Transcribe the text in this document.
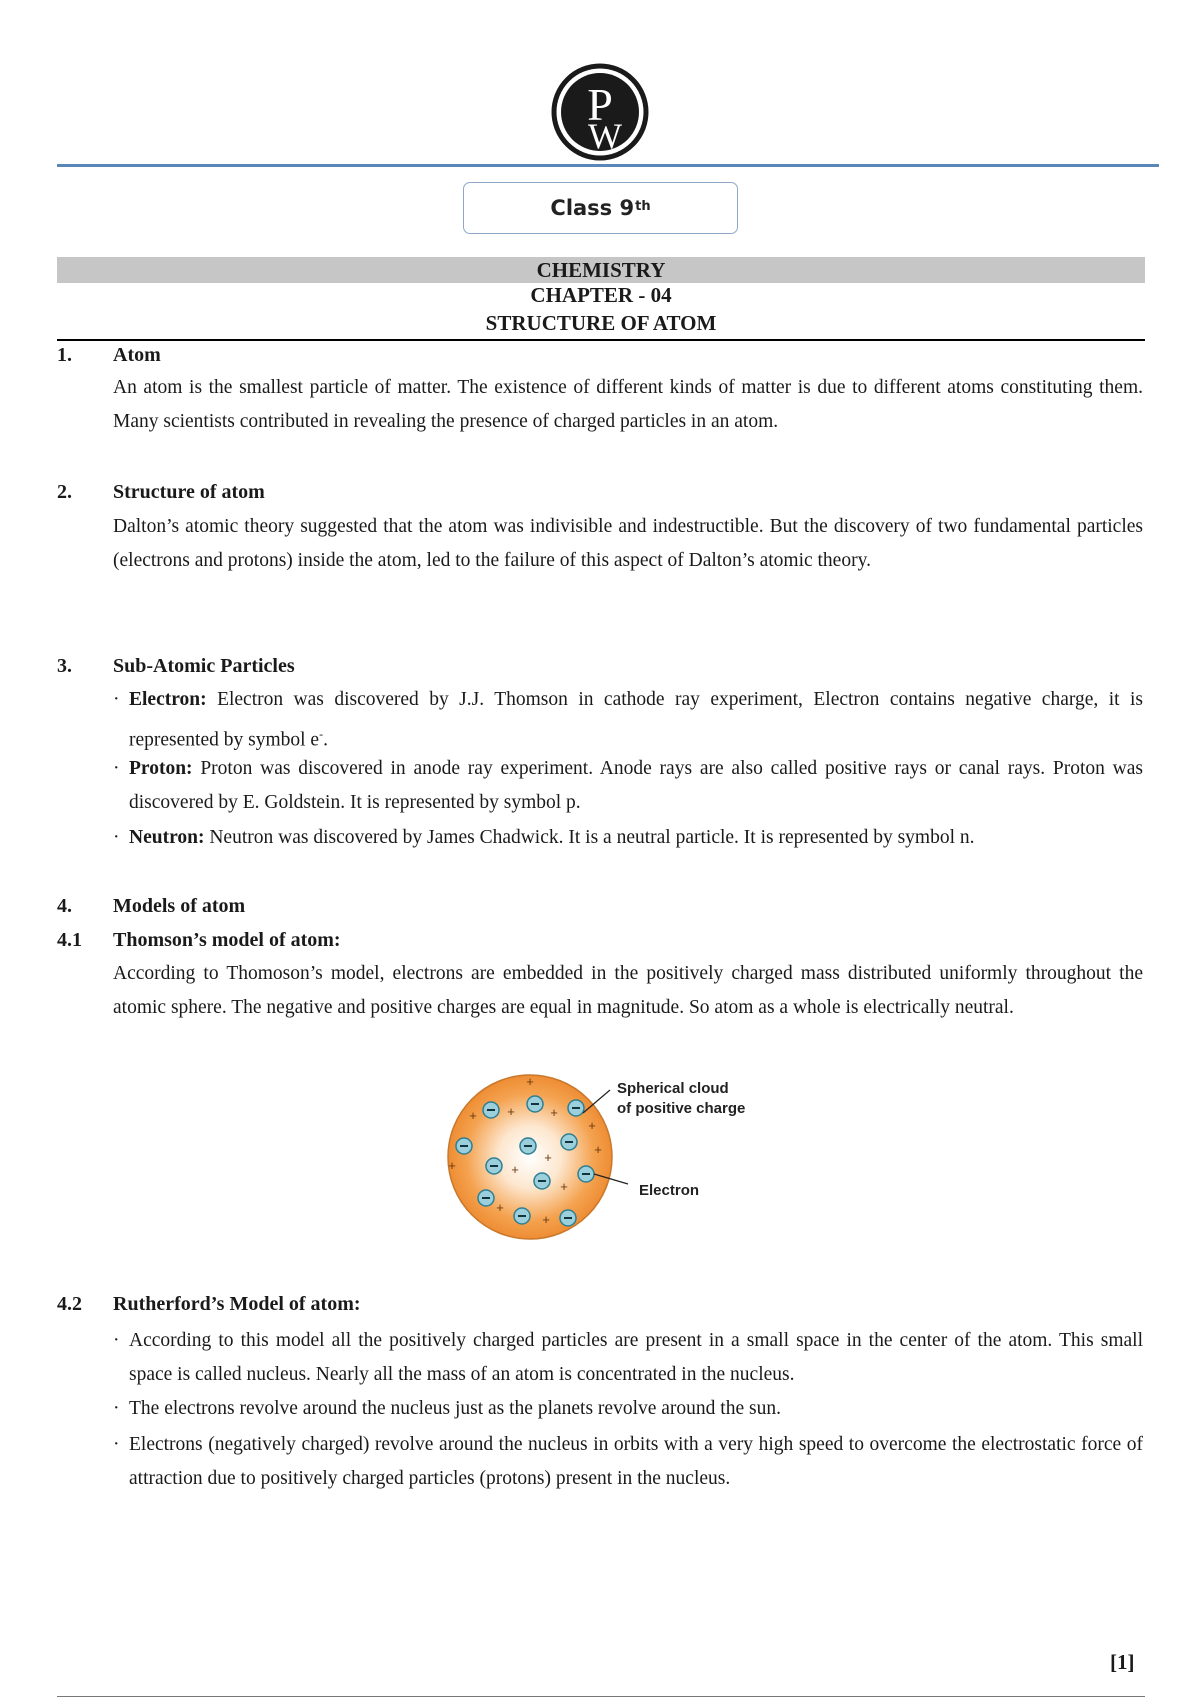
P
W
Class 9th
CHEMISTRY
CHAPTER - 04
STRUCTURE OF ATOM
1. Atom
An atom is the smallest particle of matter. The existence of different kinds of matter is due to different atoms constituting them. Many scientists contributed in revealing the presence of charged particles in an atom.
2. Structure of atom
Dalton’s atomic theory suggested that the atom was indivisible and indestructible. But the discovery of two fundamental particles (electrons and protons) inside the atom, led to the failure of this aspect of Dalton’s atomic theory.
3. Sub-Atomic Particles
· Electron: Electron was discovered by J.J. Thomson in cathode ray experiment, Electron contains negative charge, it is represented by symbol e-.
· Proton: Proton was discovered in anode ray experiment. Anode rays are also called positive rays or canal rays. Proton was discovered by E. Goldstein. It is represented by symbol p.
· Neutron: Neutron was discovered by James Chadwick. It is a neutral particle. It is represented by symbol n.
4. Models of atom
4.1 Thomson’s model of atom:
According to Thomoson’s model, electrons are embedded in the positively charged mass distributed uniformly throughout the atomic sphere. The negative and positive charges are equal in magnitude. So atom as a whole is electrically neutral.
+
+ +	+
+
+	+
+
+
+
+
+
Spherical cloud
of positive charge
Electron
4.2 Rutherford’s Model of atom:
· According to this model all the positively charged particles are present in a small space in the center of the atom. This small space is called nucleus. Nearly all the mass of an atom is concentrated in the nucleus.
· The electrons revolve around the nucleus just as the planets revolve around the sun.
· Electrons (negatively charged) revolve around the nucleus in orbits with a very high speed to overcome the electrostatic force of attraction due to positively charged particles (protons) present in the nucleus.
[1]
